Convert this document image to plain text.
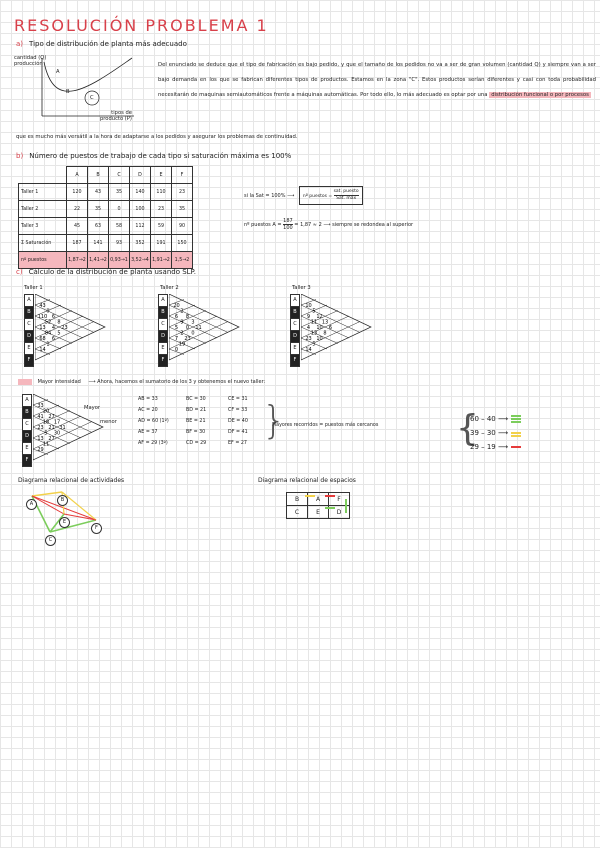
RESOLUCIÓN PROBLEMA 1
a) Tipo de distribución de planta más adecuado
cantidad (Q)
producción
A
B
C
tipos de
producto (P)
Del enunciado se deduce que el tipo de fabricación es bajo pedido, y que el tamaño de los pedidos no va a ser de gran volumen (cantidad Q) y siempre van a ser bajo demanda en los que se fabrican diferentes tipos de productos. Estamos en la zona "C". Estos productos serían diferentes y casi con toda probabilidad necesitarán de maquinas semiautomáticos frente a máquinas automáticas. Por todo ello, lo más adecuado es optar por una distribución funcional o por procesos
que es mucho más versátil a la hora de adaptarse a los pedidos y asegurar los problemas de continuidad.
b) Número de puestos de trabajo de cada tipo si saturación máxima es 100%
	A	B	C	D	E	F
Taller 1	120	43	35	140	110	23
Taller 2	22	35	0	100	23	35
Taller 3	45	63	58	112	59	90
Σ Saturación	187	141	93	352	191	150
nº puestos	1,87→2	1,41→2	0,93→1	3,52→4	1,91→2	1,5→2
si la Sat = 100% ⟶ nº puestos =
sat. puesto
Sat. máx
nº puestos $A = \frac{187}{100} = 1,87 \approx 2$ ⟶ siempre se redondea al superior
c) Cálculo de la distribución de planta usando SLP.
Taller 1	Taller 2	Taller 3
A
B
C
D
E
F
43
0
6
8
23
110
52
4
5
13
84
6
68
1
14
A
B
C
D
E
F
20
2
8
3
11
6
9
0
0
5
2
23
7
19
0
A
B
C
D
E
F
10
5
12
13
6
9
11
10
8
4
13
10
23
5
14
Mayor intensidad ⟶ Ahora, hacemos el sumatorio de los 3 y obtenemos el nuevo taller:
A
B
C
D
E
F
33
20
27
17
31
41
18
21
30
23
5
27
13
11
29
Mayor
menor
AB = 33	BC = 30	CE = 31
AC = 20	BD = 21	CF = 33
AD = 60 (1º)	BE = 21	DE = 40
AE = 37	BF = 30	DF = 41
AF = 29 (3º)	CD = 29	EF = 27
}
Mayores recorridos = puestos más cercanos {
60 – 40 ⟶
39 – 30 ⟶
29 – 19 ⟶
Diagrama relacional de actividades	Diagrama relacional de espacios
A
B
C
E
F
B	A	F
C	E	D
